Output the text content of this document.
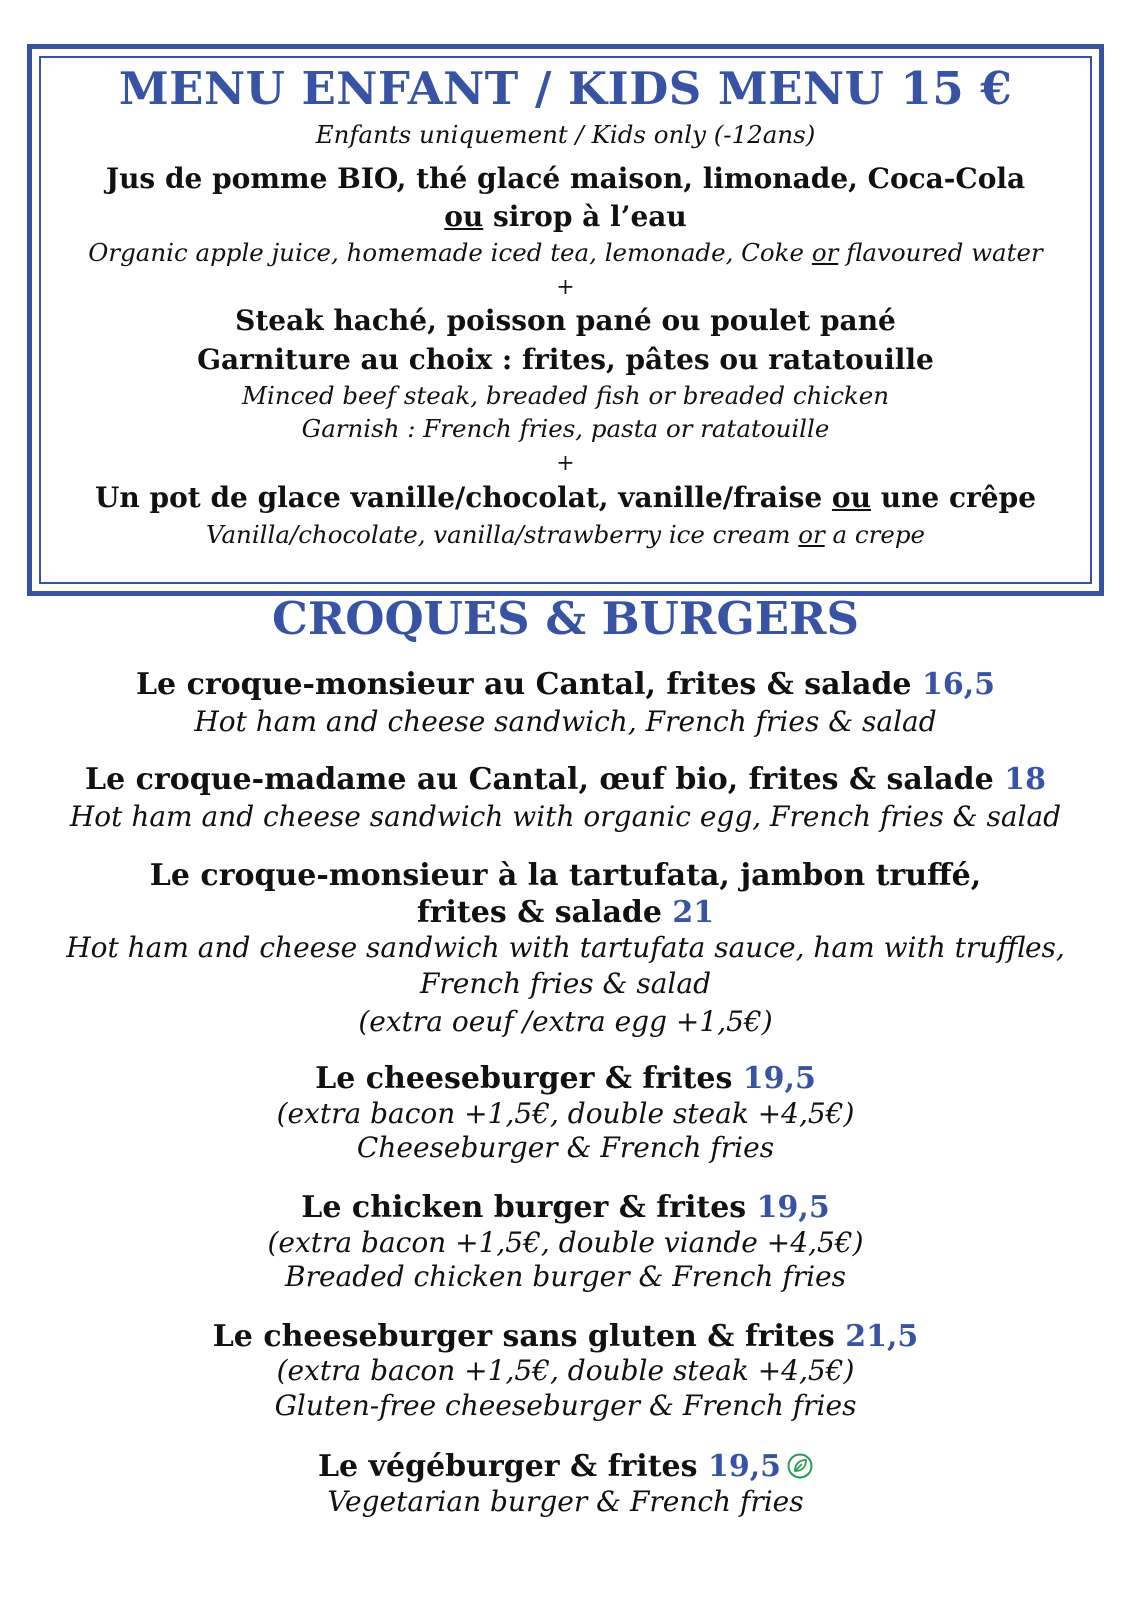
MENU ENFANT / KIDS MENU 15 €
Enfants uniquement / Kids only (-12ans)
Jus de pomme BIO, thé glacé maison, limonade, Coca-Cola
ou sirop à l’eau
Organic apple juice, homemade iced tea, lemonade, Coke or flavoured water
+
Steak haché, poisson pané ou poulet pané
Garniture au choix : frites, pâtes ou ratatouille
Minced beef steak, breaded fish or breaded chicken
Garnish : French fries, pasta or ratatouille
+
Un pot de glace vanille/chocolat, vanille/fraise ou une crêpe
Vanilla/chocolate, vanilla/strawberry ice cream or a crepe
CROQUES & BURGERS
Le croque-monsieur au Cantal, frites & salade 16,5
Hot ham and cheese sandwich, French fries & salad
Le croque-madame au Cantal, œuf bio, frites & salade 18
Hot ham and cheese sandwich with organic egg, French fries & salad
Le croque-monsieur à la tartufata, jambon truffé,
frites & salade 21
Hot ham and cheese sandwich with tartufata sauce, ham with truffles,
French fries & salad
(extra oeuf /extra egg +1,5€)
Le cheeseburger & frites 19,5
(extra bacon +1,5€, double steak +4,5€)
Cheeseburger & French fries
Le chicken burger & frites 19,5
(extra bacon +1,5€, double viande +4,5€)
Breaded chicken burger & French fries
Le cheeseburger sans gluten & frites 21,5
(extra bacon +1,5€, double steak +4,5€)
Gluten-free cheeseburger & French fries
Le végéburger & frites 19,5
Vegetarian burger & French fries
